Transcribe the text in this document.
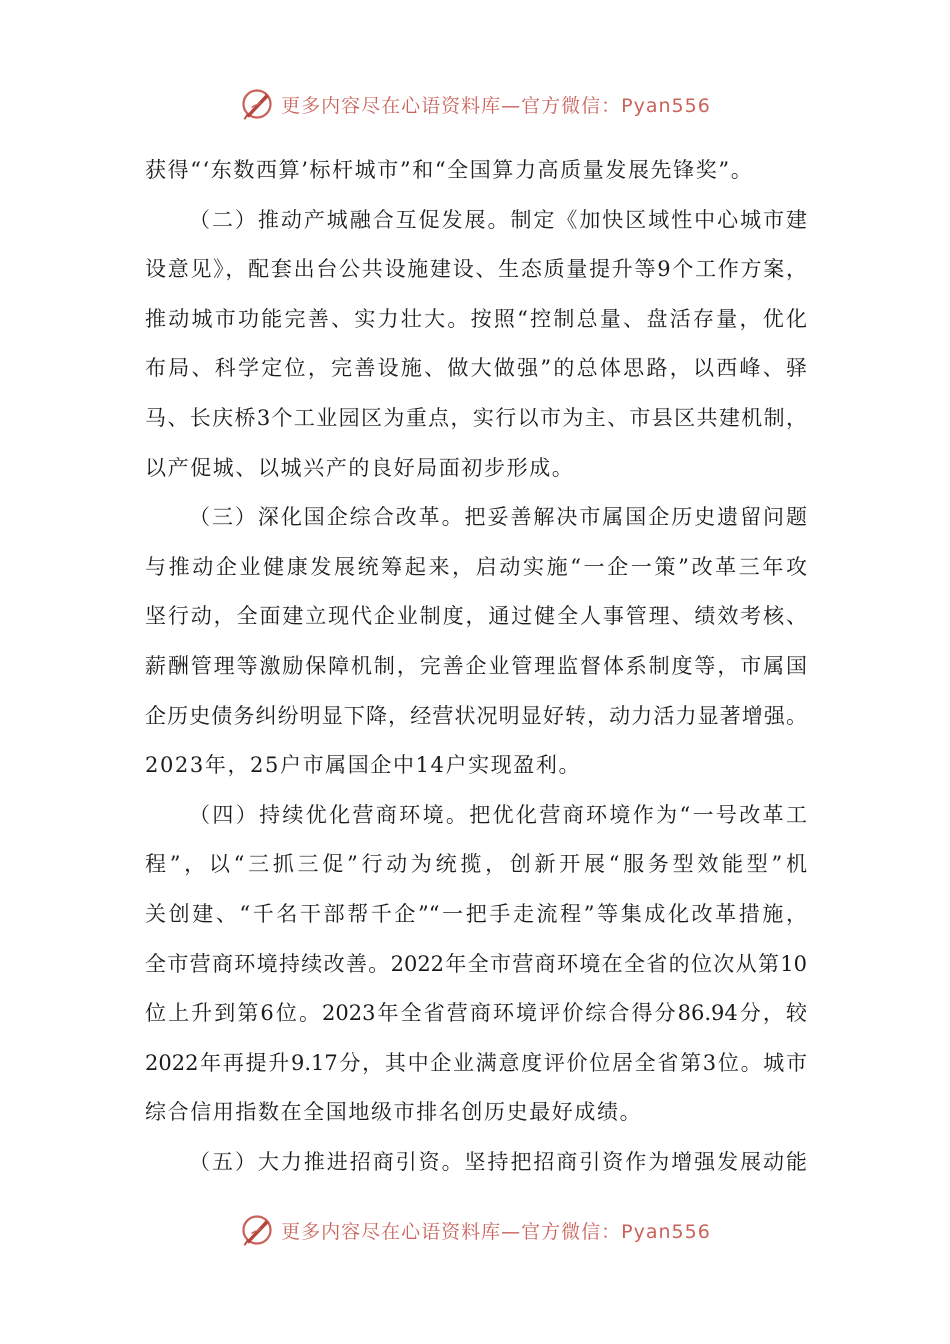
更多内容尽在心语资料库—官方微信：Pyan556
获得“‘东数西算’标杆城市”和“全国算力高质量发展先锋奖”。
（二）推动产城融合互促发展。制定《加快区域性中心城市建
设意见》，配套出台公共设施建设、生态质量提升等9个工作方案，
推动城市功能完善、实力壮大。按照“控制总量、盘活存量，优化
布局、科学定位，完善设施、做大做强”的总体思路，以西峰、驿
马、长庆桥3个工业园区为重点，实行以市为主、市县区共建机制，
以产促城、以城兴产的良好局面初步形成。
（三）深化国企综合改革。把妥善解决市属国企历史遗留问题
与推动企业健康发展统筹起来，启动实施“一企一策”改革三年攻
坚行动，全面建立现代企业制度，通过健全人事管理、绩效考核、
薪酬管理等激励保障机制，完善企业管理监督体系制度等，市属国
企历史债务纠纷明显下降，经营状况明显好转，动力活力显著增强。
2023年，25户市属国企中14户实现盈利。
（四）持续优化营商环境。把优化营商环境作为“一号改革工
程”，以“三抓三促”行动为统揽，创新开展“服务型效能型”机
关创建、“千名干部帮千企”“一把手走流程”等集成化改革措施，
全市营商环境持续改善。2022年全市营商环境在全省的位次从第10
位上升到第6位。2023年全省营商环境评价综合得分86.94分，较
2022年再提升9.17分，其中企业满意度评价位居全省第3位。城市
综合信用指数在全国地级市排名创历史最好成绩。
（五）大力推进招商引资。坚持把招商引资作为增强发展动能
更多内容尽在心语资料库—官方微信：Pyan556
